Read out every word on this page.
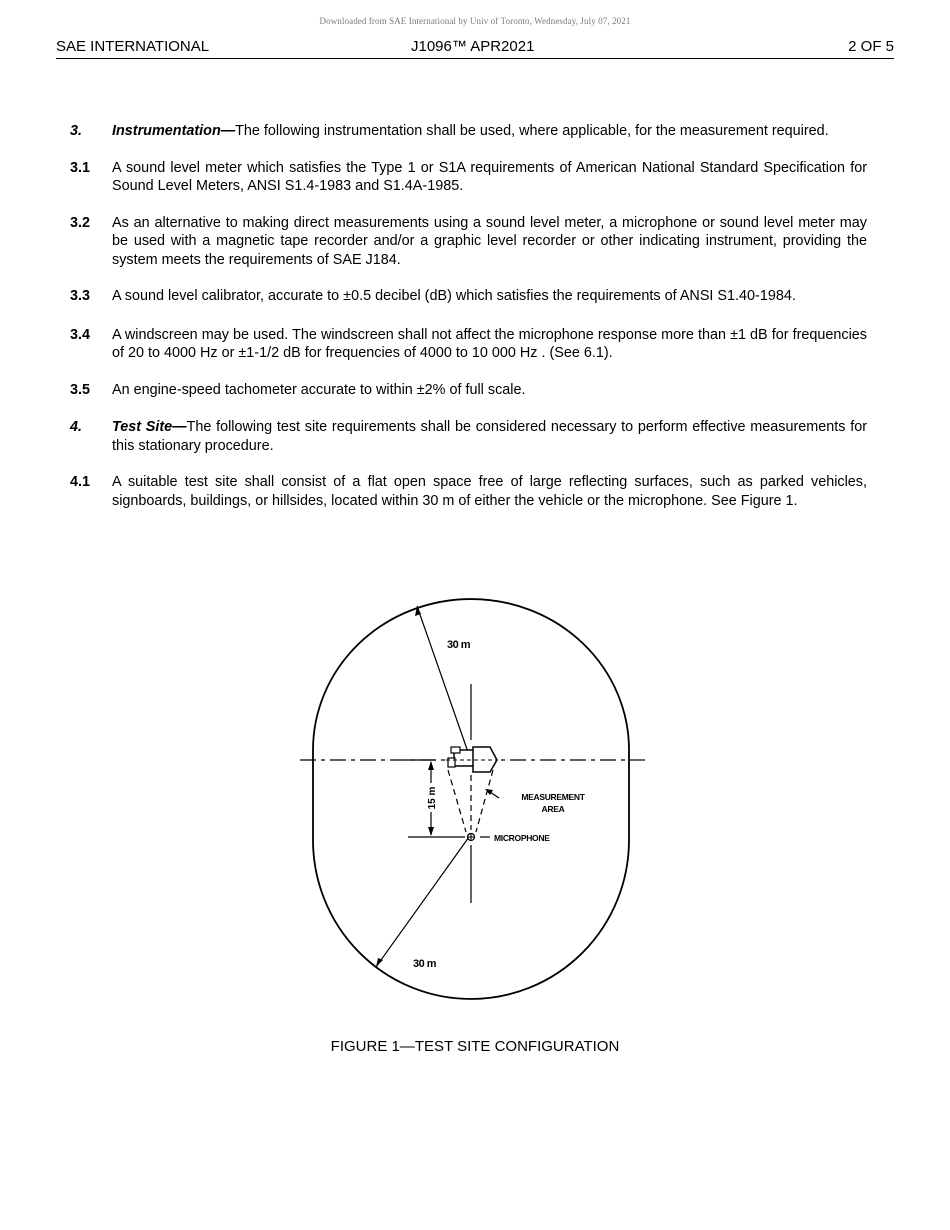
Downloaded from SAE International by Univ of Toronto, Wednesday, July 07, 2021
SAE INTERNATIONAL	J1096™ APR2021	2 OF 5
3.	Instrumentation—The following instrumentation shall be used, where applicable, for the measurement required.
3.1	A sound level meter which satisfies the Type 1 or S1A requirements of American National Standard Specification for Sound Level Meters, ANSI S1.4-1983 and S1.4A-1985.
3.2	As an alternative to making direct measurements using a sound level meter, a microphone or sound level meter may be used with a magnetic tape recorder and/or a graphic level recorder or other indicating instrument, providing the system meets the requirements of SAE J184.
3.3	A sound level calibrator, accurate to ±0.5 decibel (dB) which satisfies the requirements of ANSI S1.40-1984.
3.4	A windscreen may be used. The windscreen shall not affect the microphone response more than ±1 dB for frequencies of 20 to 4000 Hz or ±1-1/2 dB for frequencies of 4000 to 10 000 Hz . (See 6.1).
3.5	An engine-speed tachometer accurate to within ±2% of full scale.
4.	Test Site—The following test site requirements shall be considered necessary to perform effective measurements for this stationary procedure.
4.1	A suitable test site shall consist of a flat open space free of large reflecting surfaces, such as parked vehicles, signboards, buildings, or hillsides, located within 30 m of either the vehicle or the microphone. See Figure 1.
15 m
MICROPHONE
MEASUREMENT
AREA
30 m
30 m
FIGURE 1—TEST SITE CONFIGURATION
